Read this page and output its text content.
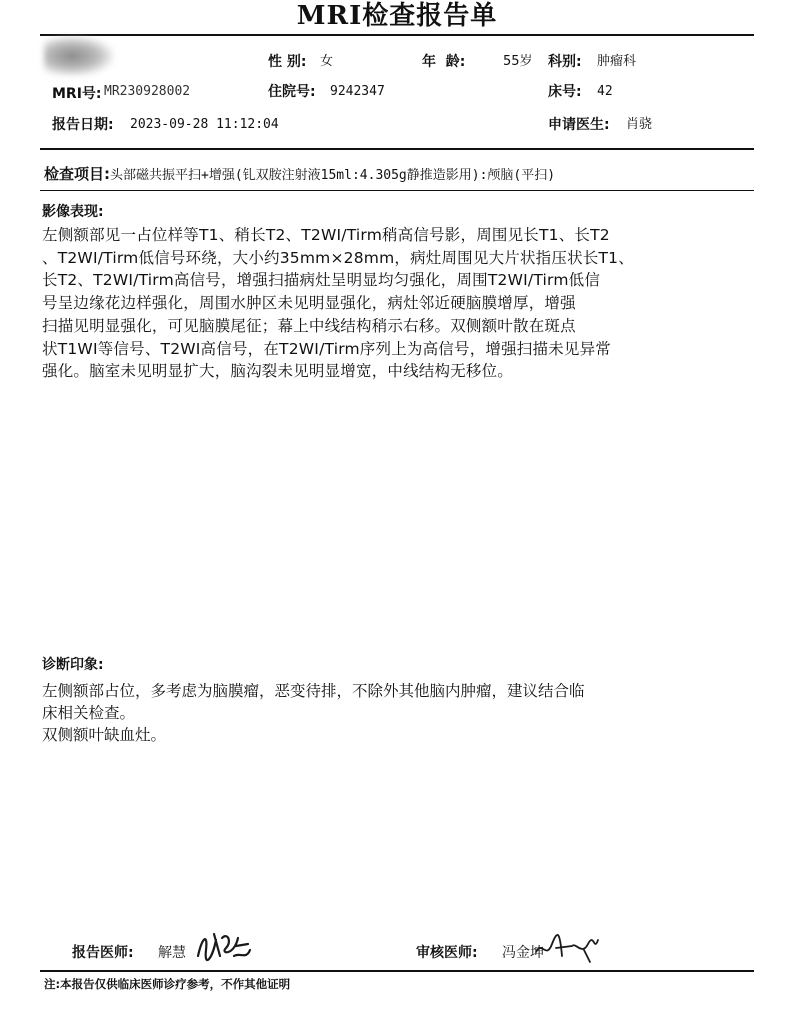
MRI检查报告单
性 别: 女	年  龄:	55岁 科别: 肿瘤科
MRI号: MR230928002	住院号: 9242347	床号: 42
报告日期: 2023-09-28 11:12:04	申请医生: 肖骁
检查项目:头部磁共振平扫+增强(钆双胺注射液15ml:4.305g静推造影用):颅脑(平扫)
影像表现:
左侧额部见一占位样等T1、稍长T2、T2WI/Tirm稍高信号影，周围见长T1、长T2
、T2WI/Tirm低信号环绕，大小约35mm×28mm，病灶周围见大片状指压状长T1、
长T2、T2WI/Tirm高信号，增强扫描病灶呈明显均匀强化，周围T2WI/Tirm低信
号呈边缘花边样强化，周围水肿区未见明显强化，病灶邻近硬脑膜增厚，增强
扫描见明显强化，可见脑膜尾征；幕上中线结构稍示右移。双侧额叶散在斑点
状T1WI等信号、T2WI高信号，在T2WI/Tirm序列上为高信号，增强扫描未见异常
强化。脑室未见明显扩大，脑沟裂未见明显增宽，中线结构无移位。
诊断印象:
左侧额部占位，多考虑为脑膜瘤，恶变待排，不除外其他脑内肿瘤，建议结合临
床相关检查。
双侧额叶缺血灶。
报告医师: 解慧	审核医师: 冯金坤
注:本报告仅供临床医师诊疗参考，不作其他证明
